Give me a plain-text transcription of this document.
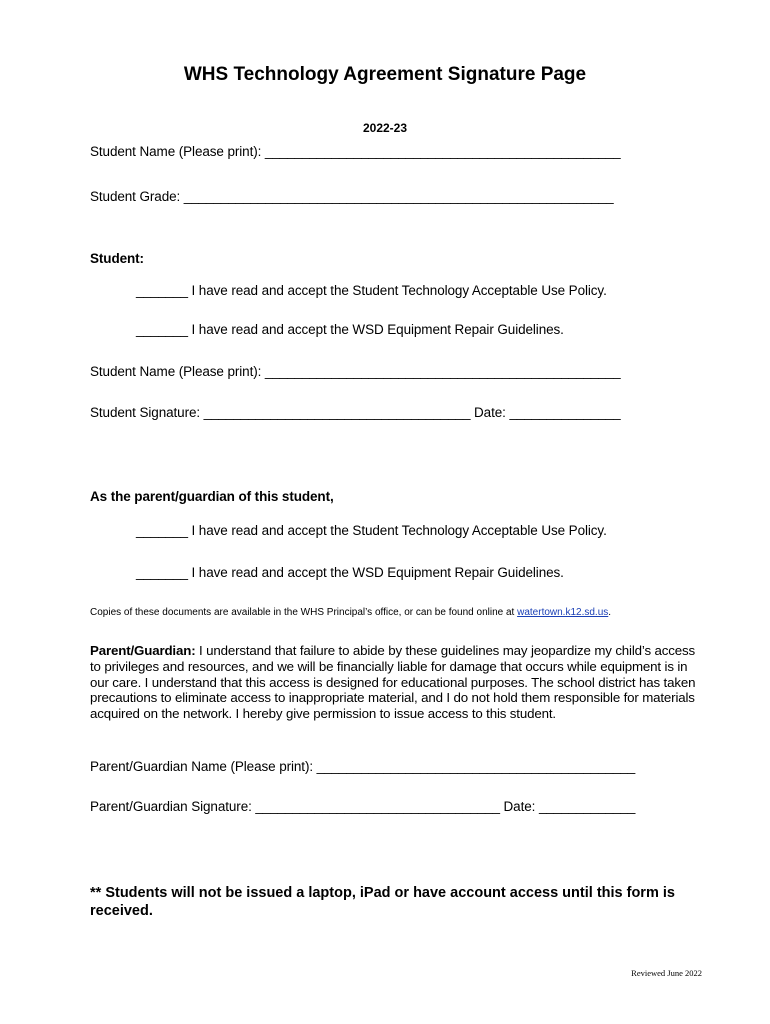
WHS Technology Agreement Signature Page
2022-23
Student Name (Please print): ________________________________________________
Student Grade: __________________________________________________________
Student:
_______ I have read and accept the Student Technology Acceptable Use Policy.
_______ I have read and accept the WSD Equipment Repair Guidelines.
Student Name (Please print): ________________________________________________
Student Signature: ____________________________________ Date: _______________
As the parent/guardian of this student,
_______ I have read and accept the Student Technology Acceptable Use Policy.
_______ I have read and accept the WSD Equipment Repair Guidelines.
Copies of these documents are available in the WHS Principal’s office, or can be found online at watertown.k12.sd.us.
Parent/Guardian: I understand that failure to abide by these guidelines may jeopardize my child’s access to privileges and resources, and we will be financially liable for damage that occurs while equipment is in our care. I understand that this access is designed for educational purposes. The school district has taken precautions to eliminate access to inappropriate material, and I do not hold them responsible for materials acquired on the network. I hereby give permission to issue access to this student.
Parent/Guardian Name (Please print): ___________________________________________
Parent/Guardian Signature: _________________________________ Date: _____________
** Students will not be issued a laptop, iPad or have account access until this form is received.
Reviewed June 2022
